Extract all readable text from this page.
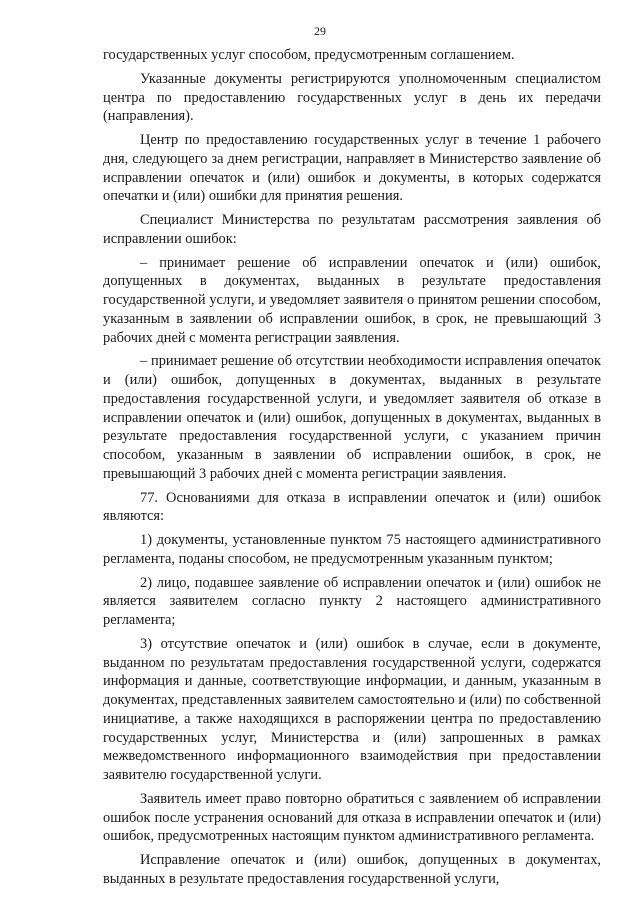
29

государственных услуг способом, предусмотренным соглашением.

Указанные документы регистрируются уполномоченным специалистом центра по предоставлению государственных услуг в день их передачи (направления).

Центр по предоставлению государственных услуг в течение 1 рабочего дня, следующего за днем регистрации, направляет в Министерство заявление об исправлении опечаток и (или) ошибок и документы, в которых содержатся опечатки и (или) ошибки для принятия решения.

Специалист Министерства по результатам рассмотрения заявления об исправлении ошибок:

– принимает решение об исправлении опечаток и (или) ошибок, допущенных в документах, выданных в результате предоставления государственной услуги, и уведомляет заявителя о принятом решении способом, указанным в заявлении об исправлении ошибок, в срок, не превышающий 3 рабочих дней с момента регистрации заявления.

– принимает решение об отсутствии необходимости исправления опечаток и (или) ошибок, допущенных в документах, выданных в результате предоставления государственной услуги, и уведомляет заявителя об отказе в исправлении опечаток и (или) ошибок, допущенных в документах, выданных в результате предоставления государственной услуги, с указанием причин способом, указанным в заявлении об исправлении ошибок, в срок, не превышающий 3 рабочих дней с момента регистрации заявления.

77. Основаниями для отказа в исправлении опечаток и (или) ошибок являются:

1) документы, установленные пунктом 75 настоящего административного регламента, поданы способом, не предусмотренным указанным пунктом;

2) лицо, подавшее заявление об исправлении опечаток и (или) ошибок не является заявителем согласно пункту 2 настоящего административного регламента;

3) отсутствие опечаток и (или) ошибок в случае, если в документе, выданном по результатам предоставления государственной услуги, содержатся информация и данные, соответствующие информации, и данным, указанным в документах, представленных заявителем самостоятельно и (или) по собственной инициативе, а также находящихся в распоряжении центра по предоставлению государственных услуг, Министерства и (или) запрошенных в рамках межведомственного информационного взаимодействия при предоставлении заявителю государственной услуги.

Заявитель имеет право повторно обратиться с заявлением об исправлении ошибок после устранения оснований для отказа в исправлении опечаток и (или) ошибок, предусмотренных настоящим пунктом административного регламента.

Исправление опечаток и (или) ошибок, допущенных в документах, выданных в результате предоставления государственной услуги,
